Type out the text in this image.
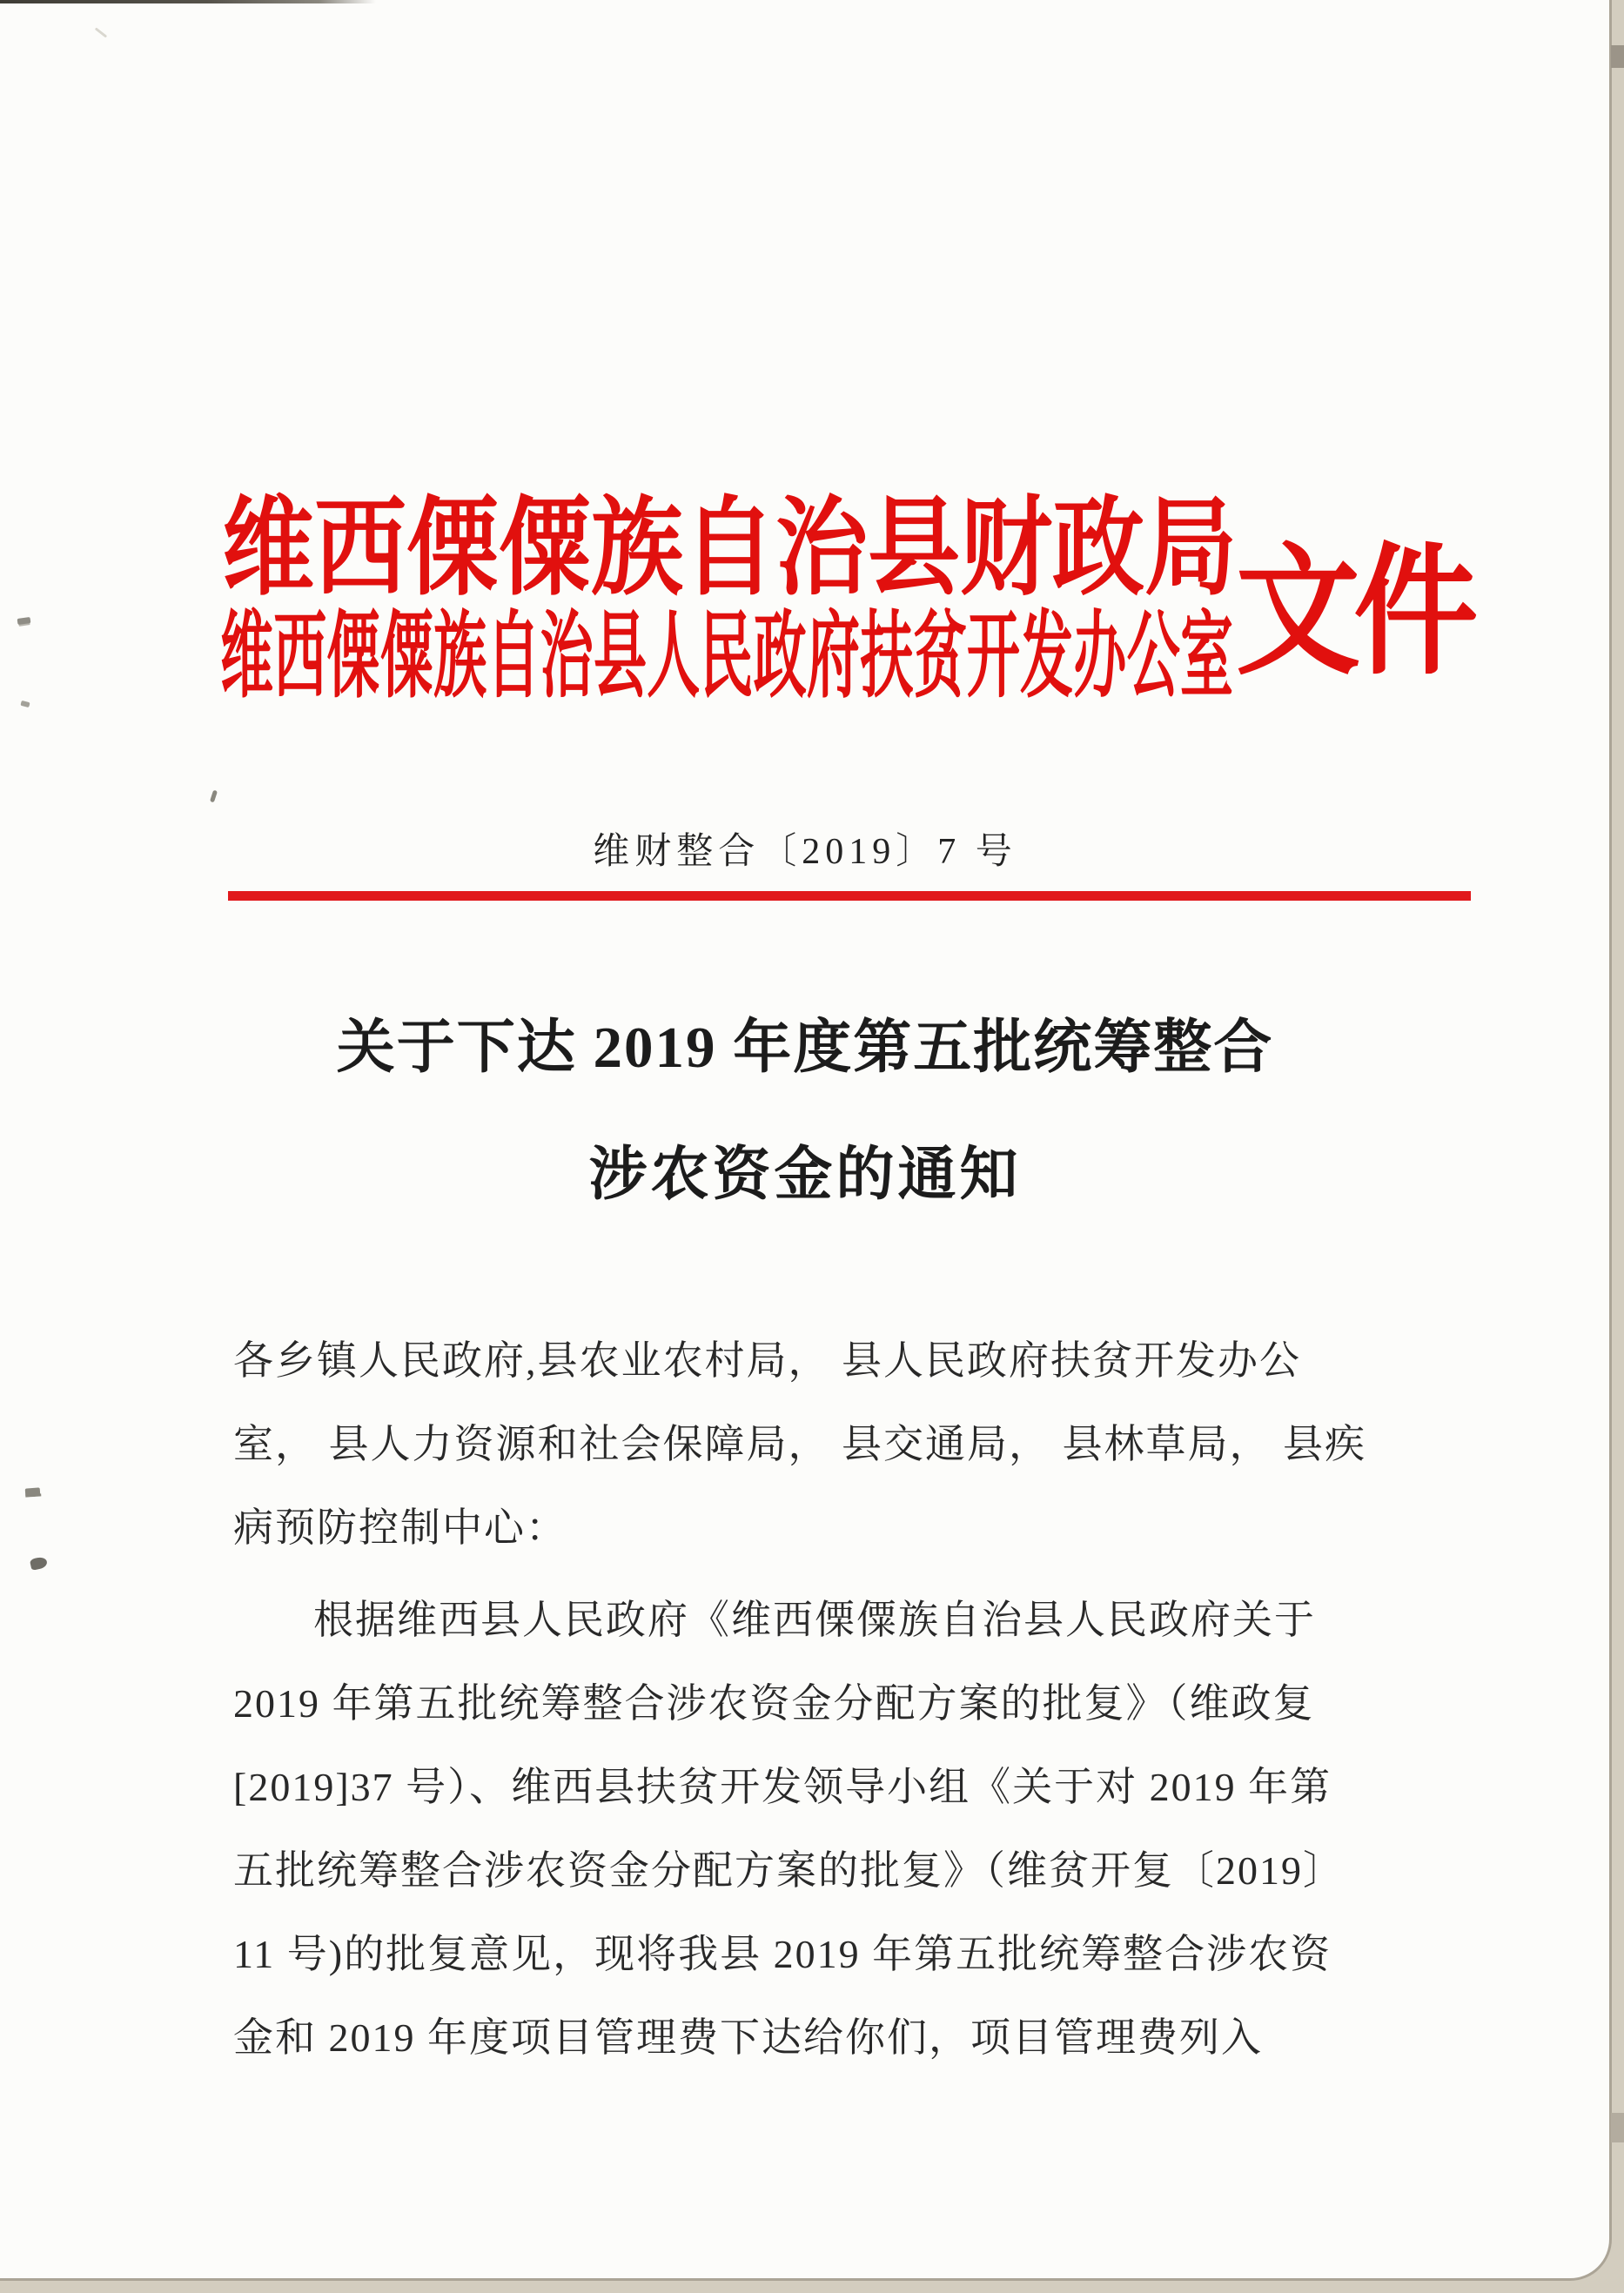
维西傈僳族自治县财政局
维西傈僳族自治县人民政府扶贫开发办公室 文件
维财整合〔2019〕7 号
关于下达 2019 年度第五批统筹整合
涉农资金的通知
各乡镇人民政府,县农业农村局， 县人民政府扶贫开发办公
室， 县人力资源和社会保障局， 县交通局， 县林草局， 县疾
病预防控制中心：
根据维西县人民政府《维西傈僳族自治县人民政府关于
2019 年第五批统筹整合涉农资金分配方案的批复》（维政复
[2019]37 号）、维西县扶贫开发领导小组《关于对 2019 年第
五批统筹整合涉农资金分配方案的批复》（维贫开复〔2019〕
11 号)的批复意见，现将我县 2019 年第五批统筹整合涉农资
金和 2019 年度项目管理费下达给你们，项目管理费列入
